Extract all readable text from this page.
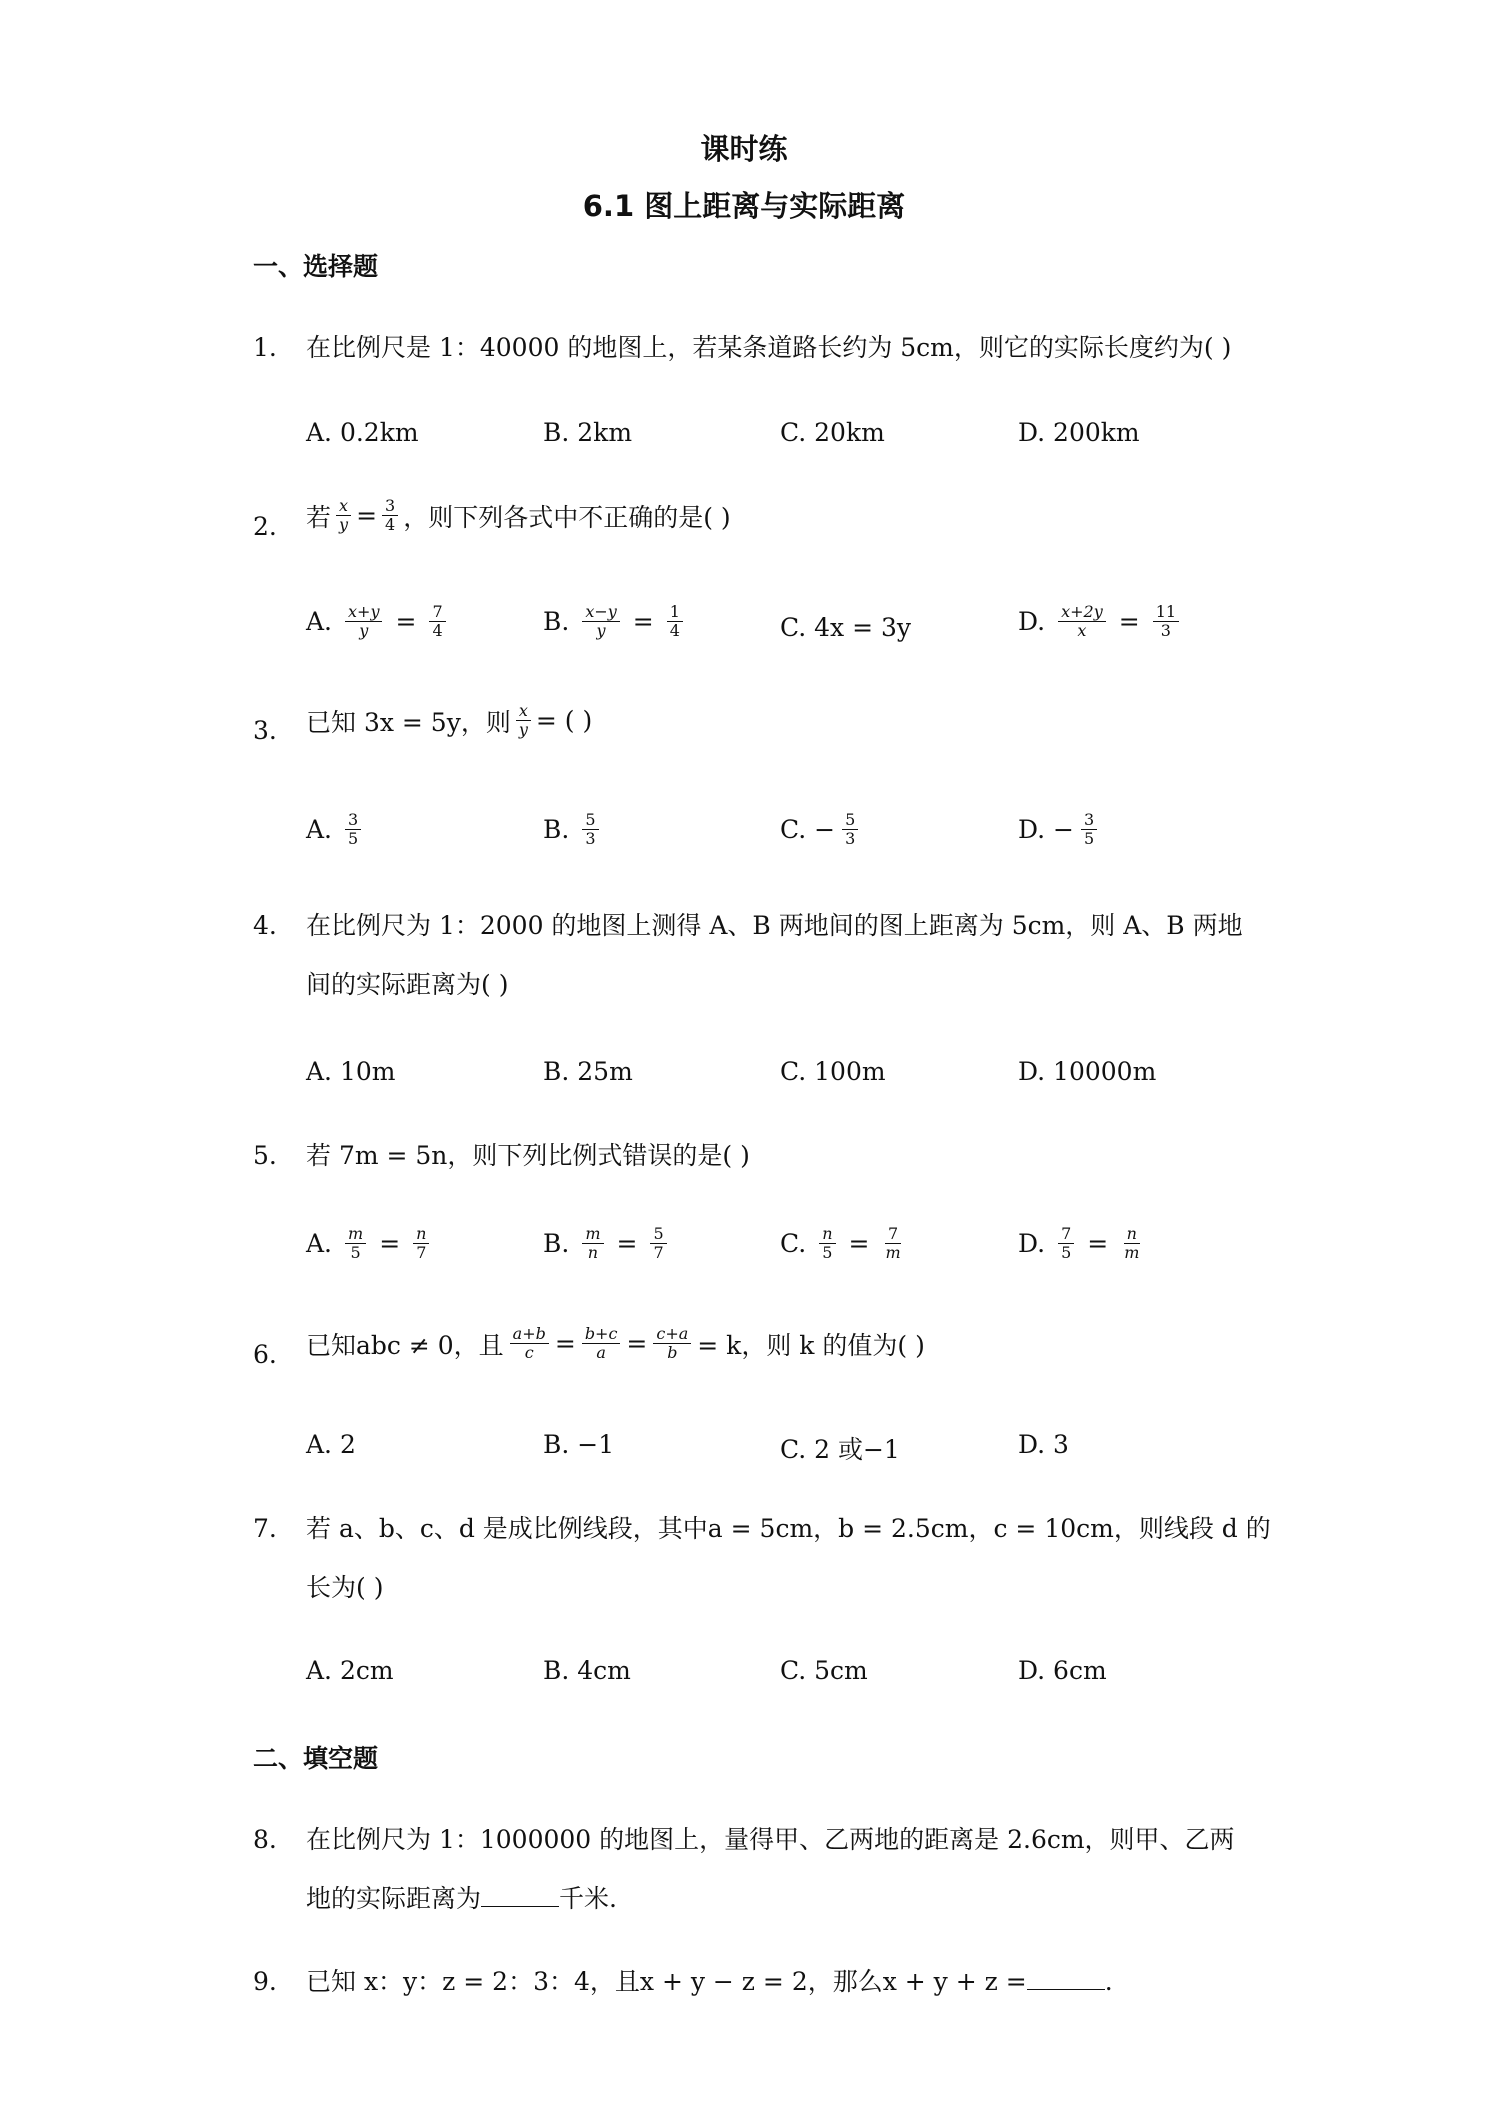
课时练
6.1 图上距离与实际距离
一、选择题
1. 在比例尺是 1：40000 的地图上，若某条道路长约为 5cm，则它的实际长度约为( )
A. 0.2km	B. 2km	C. 20km	D. 200km
2. 若 $\frac{x}{y} = \frac{3}{4}$ ，则下列各式中不正确的是( )
A. $\frac{x+y}{y} = \frac{7}{4}$	B. $\frac{x-y}{y} = \frac{1}{4}$	C. 4x = 3y	D. $\frac{x+2y}{x} = \frac{11}{3}$
3. 已知 3x = 5y，则 $\frac{x}{y}$ = ( )
A. $\frac{3}{5}$	B. $\frac{5}{3}$	C. − $\frac{5}{3}$	D. − $\frac{3}{5}$
4. 在比例尺为 1：2000 的地图上测得 A、B 两地间的图上距离为 5cm，则 A、B 两地
间的实际距离为( )
A. 10m	B. 25m	C. 100m	D. 10000m
5. 若 7m = 5n，则下列比例式错误的是( )
A. $\frac{m}{5} = \frac{n}{7}$	B. $\frac{m}{n} = \frac{5}{7}$	C. $\frac{n}{5} = \frac{7}{m}$	D. $\frac{7}{5} = \frac{n}{m}$
6. 已知abc ≠ 0，且 $\frac{a+b}{c} = \frac{b+c}{a} = \frac{c+a}{b} = k$，则 k 的值为( )
A. 2	B. −1	C. 2 或−1	D. 3
7. 若 a、b、c、d 是成比例线段，其中a = 5cm，b = 2.5cm，c = 10cm，则线段 d 的
长为( )
A. 2cm	B. 4cm	C. 5cm	D. 6cm
二、填空题
8. 在比例尺为 1：1000000 的地图上，量得甲、乙两地的距离是 2.6cm，则甲、乙两
地的实际距离为	千米.
9. 已知 x：y：z = 2：3：4，且x + y − z = 2，那么x + y + z =	.
